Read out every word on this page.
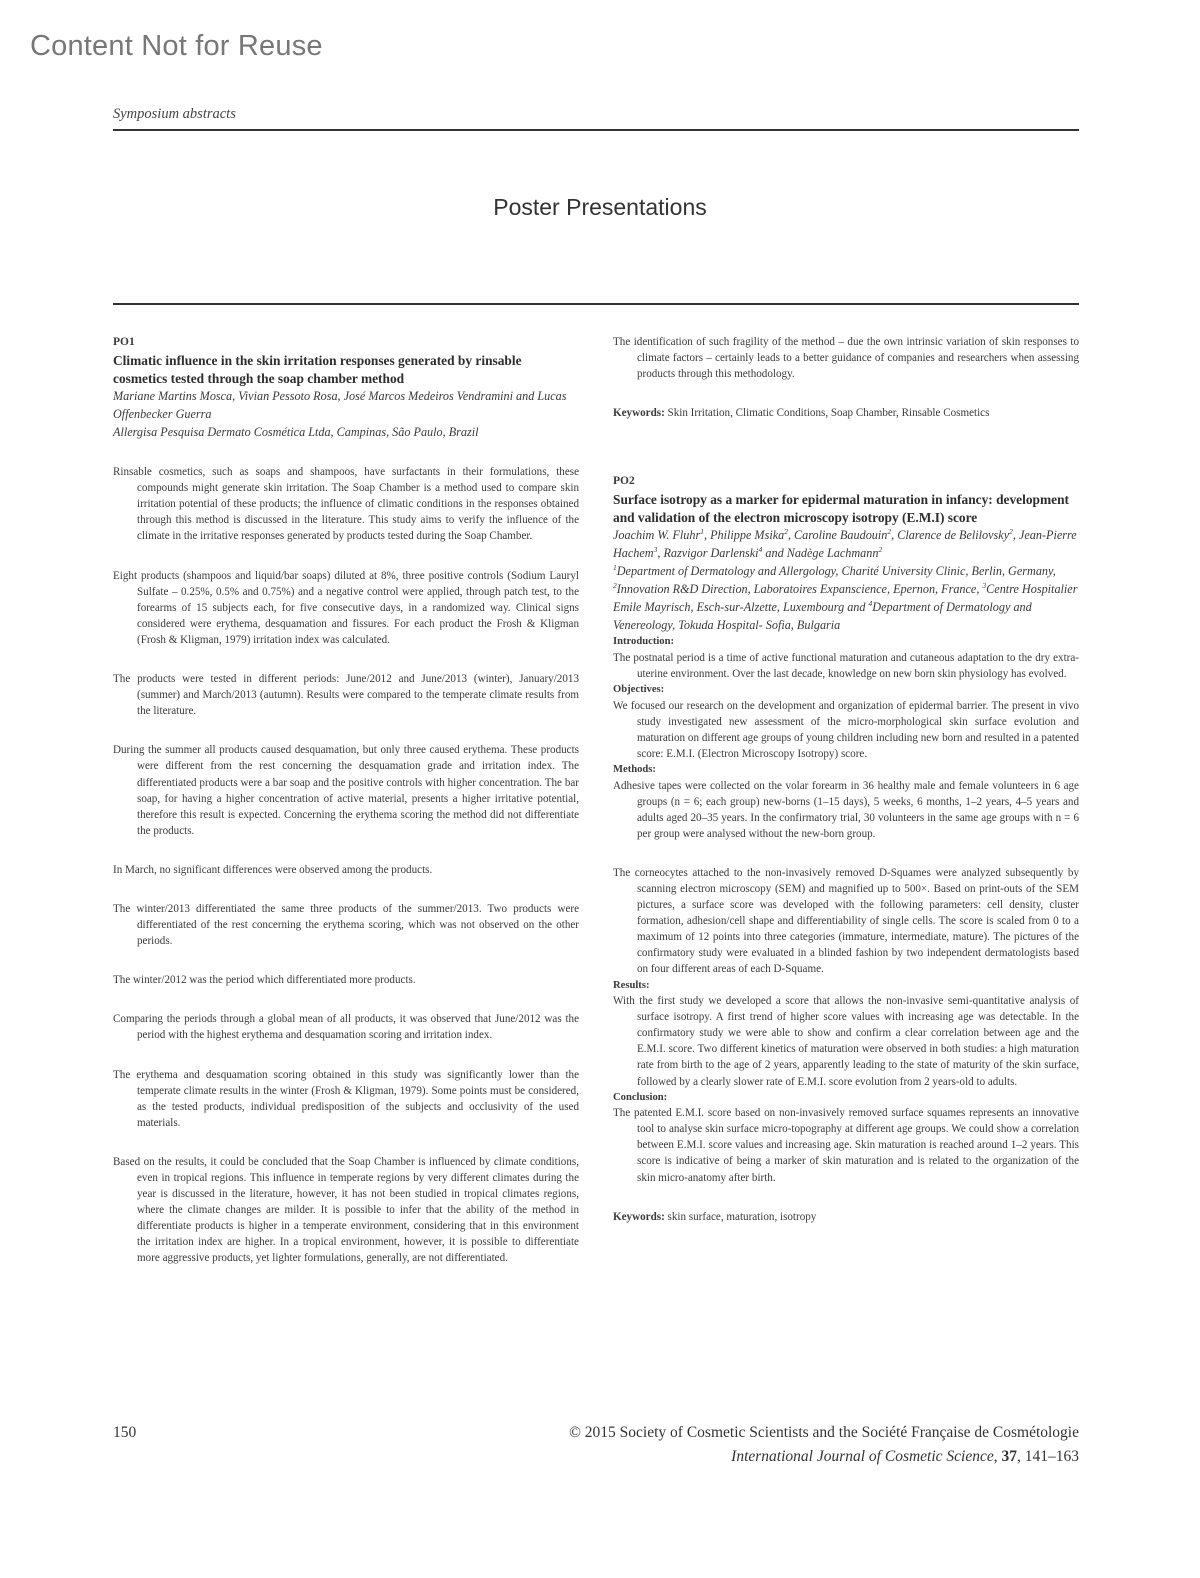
Content Not for Reuse
Symposium abstracts
Poster Presentations

PO1

Climatic influence in the skin irritation responses generated by rinsable cosmetics tested through the soap chamber method

Mariane Martins Mosca, Vivian Pessoto Rosa, José Marcos Medeiros Vendramini and Lucas Offenbecker Guerra

Allergisa Pesquisa Dermato Cosmética Ltda, Campinas, São Paulo, Brazil

Rinsable cosmetics, such as soaps and shampoos, have surfactants in their formulations, these compounds might generate skin irritation. The Soap Chamber is a method used to compare skin irritation potential of these products; the influence of climatic conditions in the responses obtained through this method is discussed in the literature. This study aims to verify the influence of the climate in the irritative responses generated by products tested during the Soap Chamber.

Eight products (shampoos and liquid/bar soaps) diluted at 8%, three positive controls (Sodium Lauryl Sulfate – 0.25%, 0.5% and 0.75%) and a negative control were applied, through patch test, to the forearms of 15 subjects each, for five consecutive days, in a randomized way. Clinical signs considered were erythema, desquamation and fissures. For each product the Frosh & Kligman (Frosh & Kligman, 1979) irritation index was calculated.

The products were tested in different periods: June/2012 and June/2013 (winter), January/2013 (summer) and March/2013 (autumn). Results were compared to the temperate climate results from the literature.

During the summer all products caused desquamation, but only three caused erythema. These products were different from the rest concerning the desquamation grade and irritation index. The differentiated products were a bar soap and the positive controls with higher concentration. The bar soap, for having a higher concentration of active material, presents a higher irritative potential, therefore this result is expected. Concerning the erythema scoring the method did not differentiate the products.

In March, no significant differences were observed among the products.

The winter/2013 differentiated the same three products of the summer/2013. Two products were differentiated of the rest concerning the erythema scoring, which was not observed on the other periods.

The winter/2012 was the period which differentiated more products.

Comparing the periods through a global mean of all products, it was observed that June/2012 was the period with the highest erythema and desquamation scoring and irritation index.

The erythema and desquamation scoring obtained in this study was significantly lower than the temperate climate results in the winter (Frosh & Kligman, 1979). Some points must be considered, as the tested products, individual predisposition of the subjects and occlusivity of the used materials.

Based on the results, it could be concluded that the Soap Chamber is influenced by climate conditions, even in tropical regions. This influence in temperate regions by very different climates during the year is discussed in the literature, however, it has not been studied in tropical climates regions, where the climate changes are milder. It is possible to infer that the ability of the method in differentiate products is higher in a temperate environment, considering that in this environment the irritation index are higher. In a tropical environment, however, it is possible to differentiate more aggressive products, yet lighter formulations, generally, are not differentiated.

The identification of such fragility of the method – due the own intrinsic variation of skin responses to climate factors – certainly leads to a better guidance of companies and researchers when assessing products through this methodology.

Keywords: Skin Irritation, Climatic Conditions, Soap Chamber, Rinsable Cosmetics

PO2

Surface isotropy as a marker for epidermal maturation in infancy: development and validation of the electron microscopy isotropy (E.M.I) score

Joachim W. Fluhr$^1$, Philippe Msika$^2$, Caroline Baudouin$^2$, Clarence de Belilovsky$^2$, Jean-Pierre Hachem$^3$, Razvigor Darlenski$^4$ and Nadège Lachmann$^2$

$^1$Department of Dermatology and Allergology, Charité University Clinic, Berlin, Germany, $^2$Innovation R&D Direction, Laboratoires Expanscience, Epernon, France, $^3$Centre Hospitalier Emile Mayrisch, Esch-sur-Alzette, Luxembourg and $^4$Department of Dermatology and Venereology, Tokuda Hospital- Sofia, Bulgaria

Introduction:

The postnatal period is a time of active functional maturation and cutaneous adaptation to the dry extra-uterine environment. Over the last decade, knowledge on new born skin physiology has evolved.

Objectives:

We focused our research on the development and organization of epidermal barrier. The present in vivo study investigated new assessment of the micro-morphological skin surface evolution and maturation on different age groups of young children including new born and resulted in a patented score: E.M.I. (Electron Microscopy Isotropy) score.

Methods:

Adhesive tapes were collected on the volar forearm in 36 healthy male and female volunteers in 6 age groups (n = 6; each group) new-borns (1–15 days), 5 weeks, 6 months, 1–2 years, 4–5 years and adults aged 20–35 years. In the confirmatory trial, 30 volunteers in the same age groups with n = 6 per group were analysed without the new-born group.

The corneocytes attached to the non-invasively removed D-Squames were analyzed subsequently by scanning electron microscopy (SEM) and magnified up to 500×. Based on print-outs of the SEM pictures, a surface score was developed with the following parameters: cell density, cluster formation, adhesion/cell shape and differentiability of single cells. The score is scaled from 0 to a maximum of 12 points into three categories (immature, intermediate, mature). The pictures of the confirmatory study were evaluated in a blinded fashion by two independent dermatologists based on four different areas of each D-Squame.

Results:

With the first study we developed a score that allows the non-invasive semi-quantitative analysis of surface isotropy. A first trend of higher score values with increasing age was detectable. In the confirmatory study we were able to show and confirm a clear correlation between age and the E.M.I. score. Two different kinetics of maturation were observed in both studies: a high maturation rate from birth to the age of 2 years, apparently leading to the state of maturity of the skin surface, followed by a clearly slower rate of E.M.I. score evolution from 2 years-old to adults.

Conclusion:

The patented E.M.I. score based on non-invasively removed surface squames represents an innovative tool to analyse skin surface micro-topography at different age groups. We could show a correlation between E.M.I. score values and increasing age. Skin maturation is reached around 1–2 years. This score is indicative of being a marker of skin maturation and is related to the organization of the skin micro-anatomy after birth.

Keywords: skin surface, maturation, isotropy

150	© 2015 Society of Cosmetic Scientists and the Société Française de Cosmétologie
International Journal of Cosmetic Science, 37, 141–163
